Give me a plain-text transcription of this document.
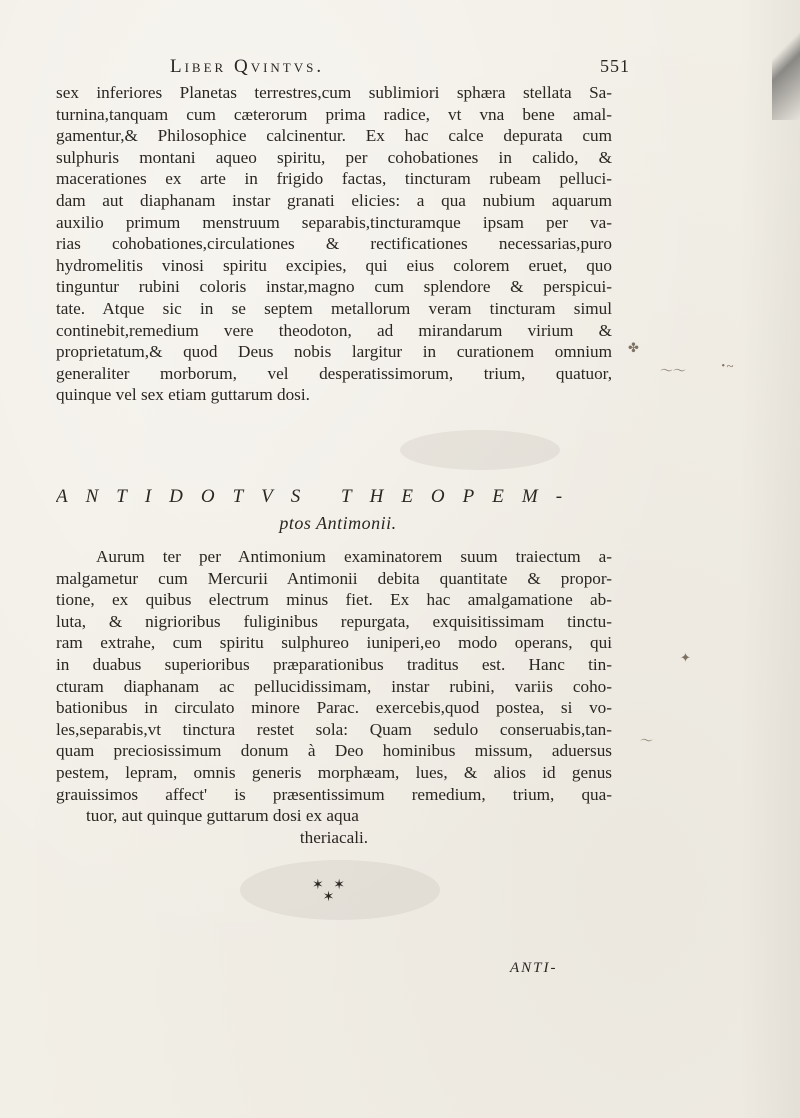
Liber Qvintvs.	551
sex inferiores Planetas terrestres,cum sublimiori sphæra stellata Sa-
turnina,tanquam cum cæterorum prima radice, vt vna bene amal-
gamentur,& Philosophice calcinentur. Ex hac calce depurata cum
sulphuris montani aqueo spiritu, per cohobationes in calido, &
macerationes ex arte in frigido factas, tincturam rubeam pelluci-
dam aut diaphanam instar granati elicies: a qua nubium aquarum
auxilio primum menstruum separabis,tincturamque ipsam per va-
rias cohobationes,circulationes & rectificationes necessarias,puro
hydromelitis vinosi spiritu excipies, qui eius colorem eruet, quo
tinguntur rubini coloris instar,magno cum splendore & perspicui-
tate. Atque sic in se septem metallorum veram tincturam simul
continebit,remedium vere theodoton, ad mirandarum virium &
proprietatum,& quod Deus nobis largitur in curationem omnium
generaliter morborum, vel desperatissimorum, trium, quatuor,
quinque vel sex etiam guttarum dosi.
ANTIDOTVS THEOPEM-
ptos Antimonii.
Aurum ter per Antimonium examinatorem suum traiectum a-
malgametur cum Mercurii Antimonii debita quantitate & propor-
tione, ex quibus electrum minus fiet. Ex hac amalgamatione ab-
luta, & nigrioribus fuliginibus repurgata, exquisitissimam tinctu-
ram extrahe, cum spiritu sulphureo iuniperi,eo modo operans, qui
in duabus superioribus præparationibus traditus est. Hanc tin-
cturam diaphanam ac pellucidissimam, instar rubini, variis coho-
bationibus in circulato minore Parac. exercebis,quod postea, si vo-
les,separabis,vt tinctura restet sola: Quam sedulo conseruabis,tan-
quam preciosissimum donum à Deo hominibus missum, aduersus
pestem, lepram, omnis generis morphæam, lues, & alios id genus
grauissimos affect' is præsentissimum remedium, trium, qua-
tuor, aut quinque guttarum dosi ex aqua
theriacali.
✶ ✶
✶
ANTI-
✤
～～	･~
✦
～
